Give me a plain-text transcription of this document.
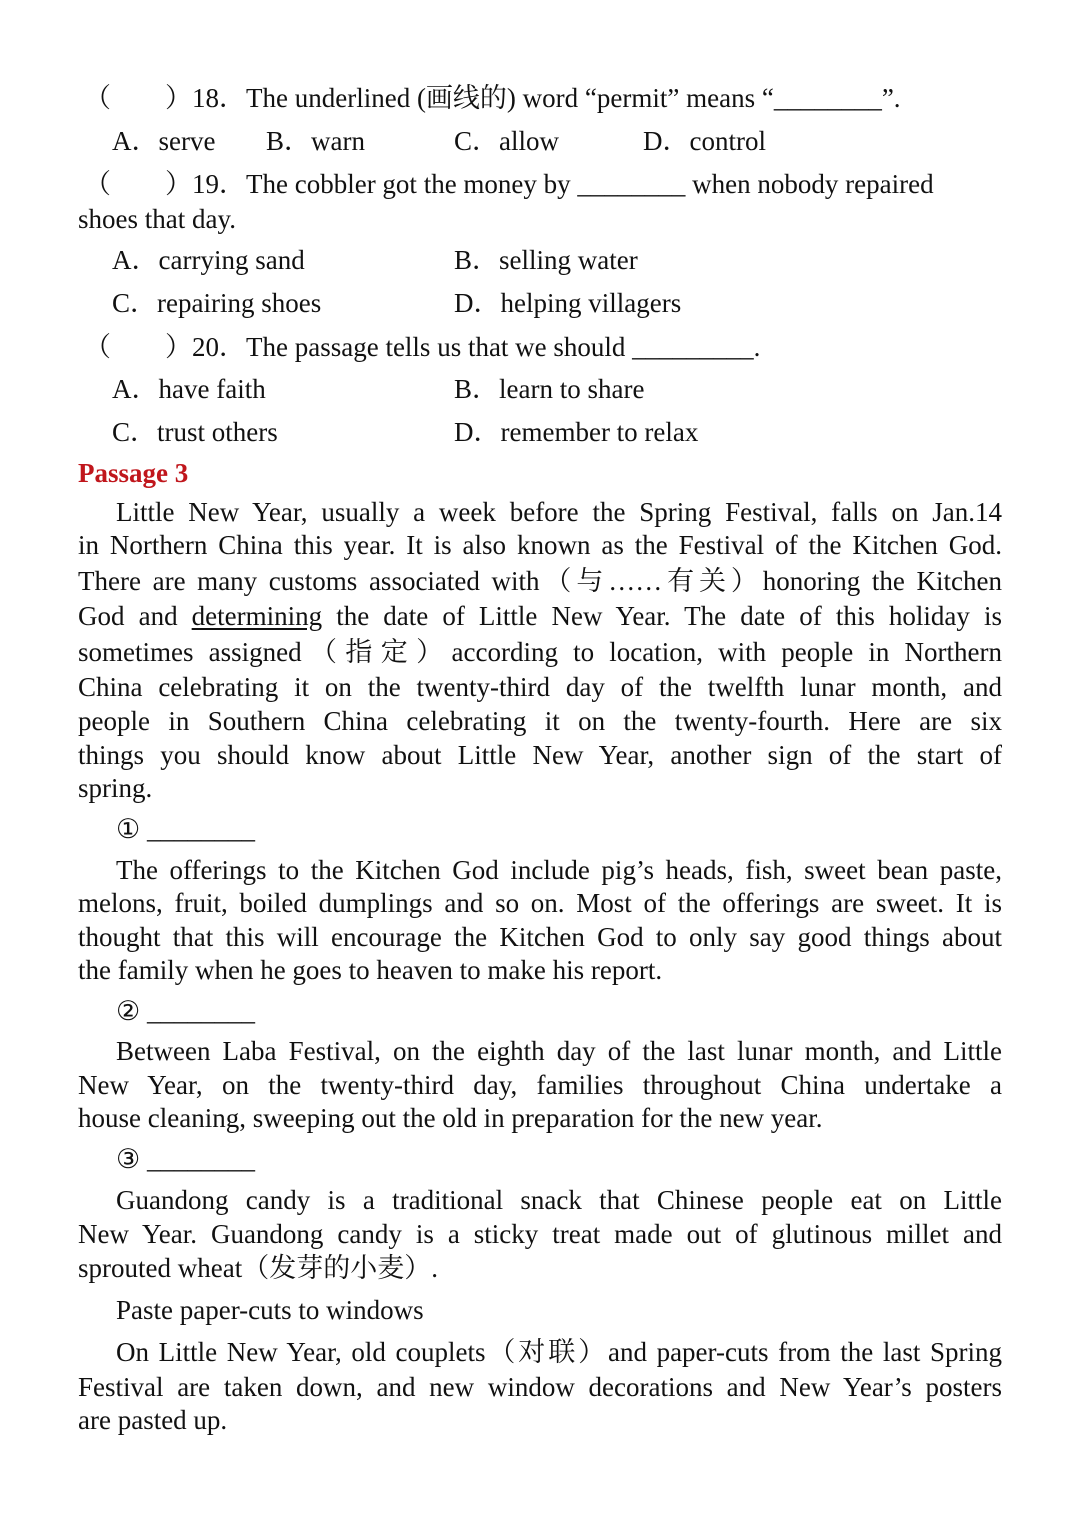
（　　）18．The underlined (画线的) word “permit” means “________”.
A．serve B．warn	C．allow	D．control
（　　）19．The cobbler got the money by ________ when nobody repaired
shoes that day.
A．carrying sand	B．selling water
C．repairing shoes	D．helping villagers
（　　）20．The passage tells us that we should _________.
A．have faith	B．learn to share
C．trust others	D．remember to relax
Passage 3
Little New Year, usually a week before the Spring Festival, falls on Jan.14
in Northern China this year. It is also known as the Festival of the Kitchen God.
There are many customs associated with（与……有关）honoring the Kitchen
God and determining the date of Little New Year. The date of this holiday is
sometimes assigned（指定）according to location, with people in Northern
China celebrating it on the twenty-third day of the twelfth lunar month, and
people in Southern China celebrating it on the twenty-fourth. Here are six
things you should know about Little New Year, another sign of the start of
spring.
① ________
The offerings to the Kitchen God include pig’s heads, fish, sweet bean paste,
melons, fruit, boiled dumplings and so on. Most of the offerings are sweet. It is
thought that this will encourage the Kitchen God to only say good things about
the family when he goes to heaven to make his report.
② ________
Between Laba Festival, on the eighth day of the last lunar month, and Little
New Year, on the twenty-third day, families throughout China undertake a
house cleaning, sweeping out the old in preparation for the new year.
③ ________
Guandong candy is a traditional snack that Chinese people eat on Little
New Year. Guandong candy is a sticky treat made out of glutinous millet and
sprouted wheat（发芽的小麦）.
Paste paper-cuts to windows
On Little New Year, old couplets（对联）and paper-cuts from the last Spring
Festival are taken down, and new window decorations and New Year’s posters
are pasted up.
